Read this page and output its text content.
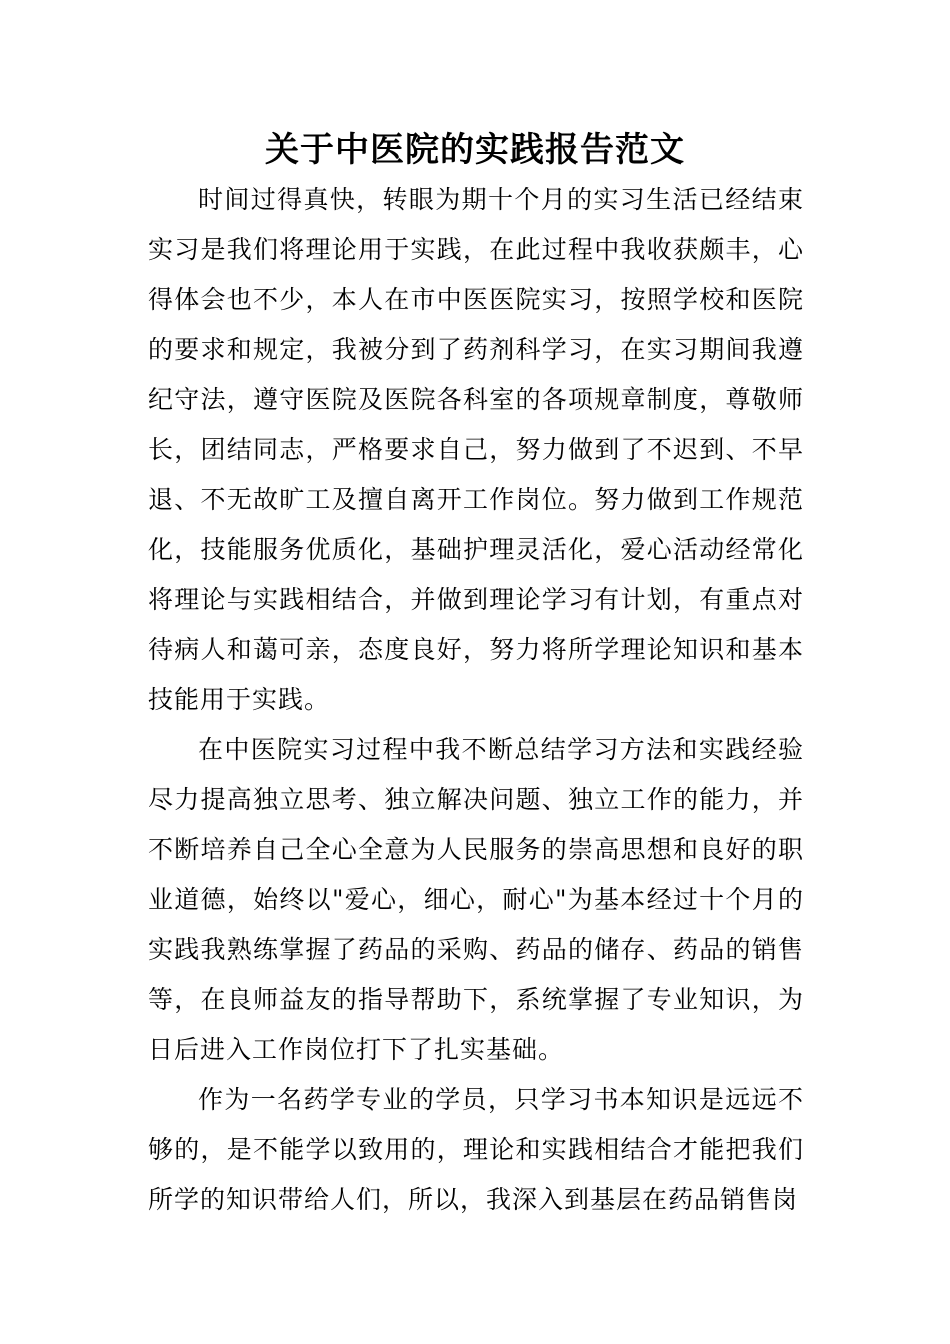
关于中医院的实践报告范文

时间过得真快，转眼为期十个月的实习生活已经结束实习是我们将理论用于实践，在此过程中我收获颇丰，心得体会也不少，本人在市中医医院实习，按照学校和医院的要求和规定，我被分到了药剂科学习，在实习期间我遵纪守法，遵守医院及医院各科室的各项规章制度，尊敬师长，团结同志，严格要求自己，努力做到了不迟到、不早退、不无故旷工及擅自离开工作岗位。努力做到工作规范化，技能服务优质化，基础护理灵活化，爱心活动经常化将理论与实践相结合，并做到理论学习有计划，有重点对待病人和蔼可亲，态度良好，努力将所学理论知识和基本技能用于实践。

在中医院实习过程中我不断总结学习方法和实践经验尽力提高独立思考、独立解决问题、独立工作的能力，并不断培养自己全心全意为人民服务的崇高思想和良好的职业道德，始终以"爱心，细心，耐心"为基本经过十个月的实践我熟练掌握了药品的采购、药品的储存、药品的销售等，在良师益友的指导帮助下，系统掌握了专业知识，为日后进入工作岗位打下了扎实基础。

作为一名药学专业的学员，只学习书本知识是远远不够的，是不能学以致用的，理论和实践相结合才能把我们所学的知识带给人们，所以，我深入到基层在药品销售岗
